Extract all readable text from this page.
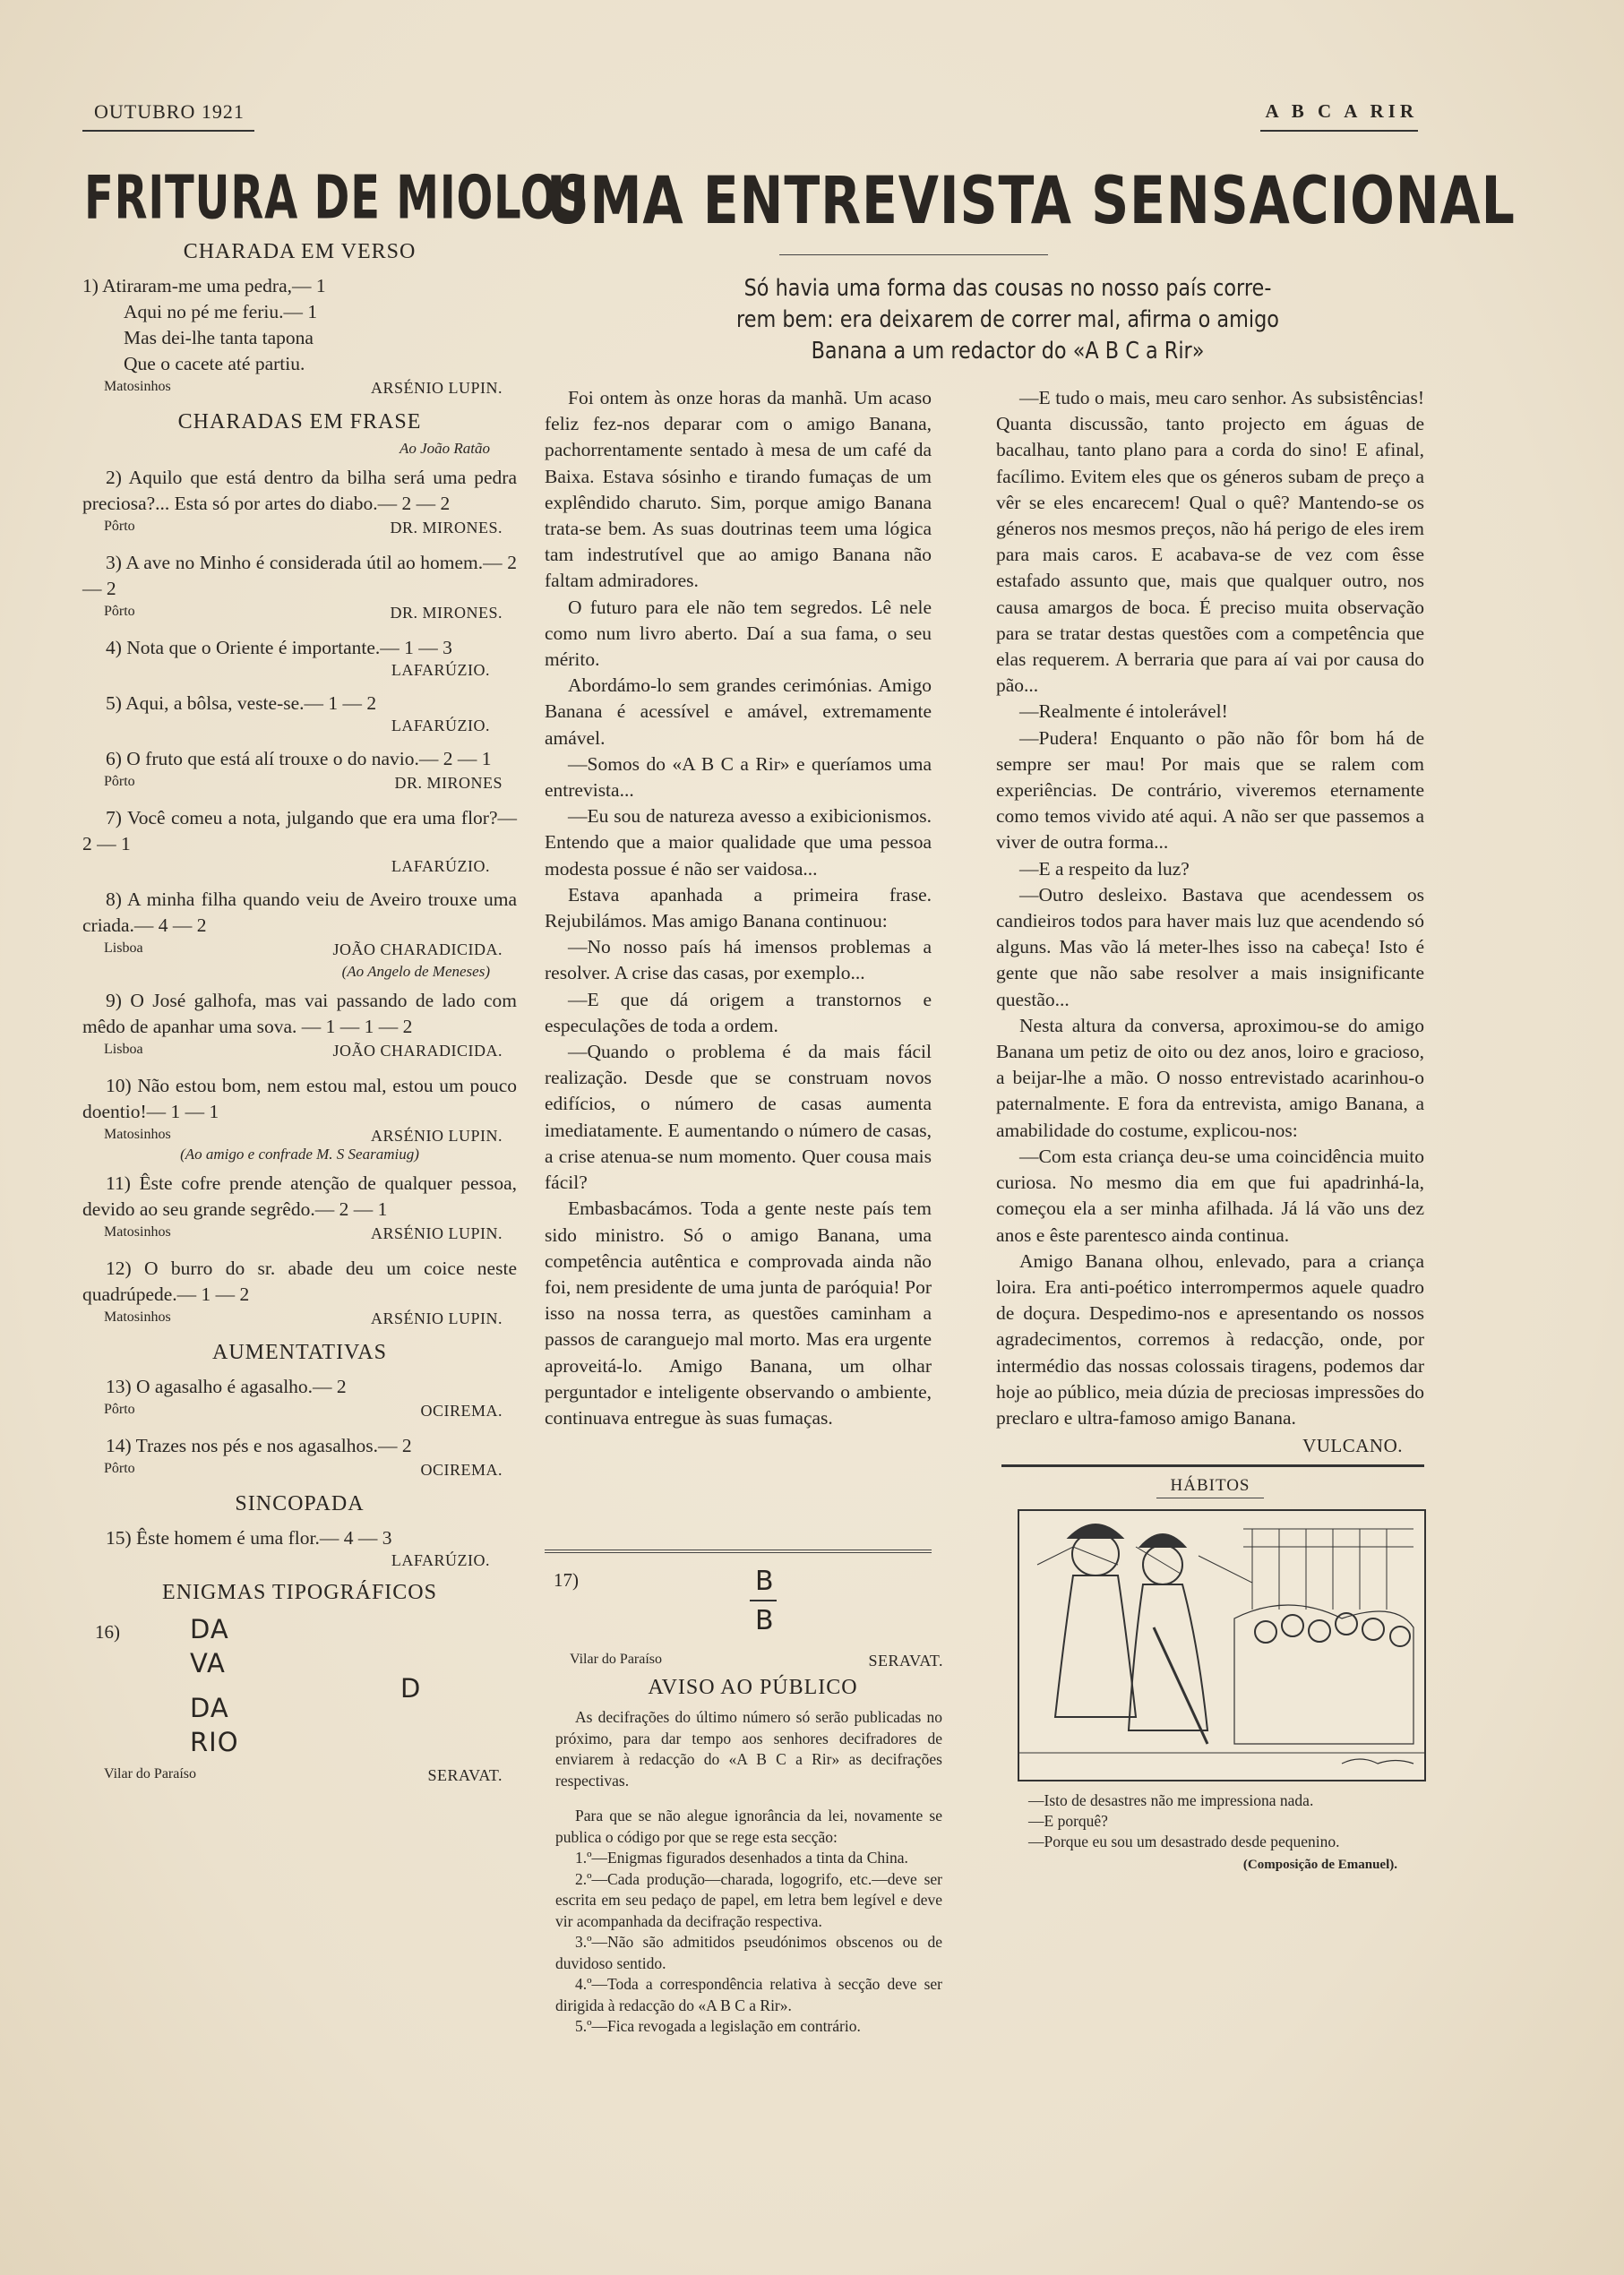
OUTUBRO 1921	A B C A RIR
FRITURA DE MIOLOS
UMA ENTREVISTA SENSACIONAL
Só havia uma forma das cousas no nosso país corre-
rem bem: era deixarem de correr mal, afirma o amigo
Banana a um redactor do «A B C a Rir»
CHARADA EM VERSO
1) Atiraram-me uma pedra,— 1
Aqui no pé me feriu.— 1
Mas dei-lhe tanta tapona
Que o cacete até partiu.
Matosinhos	ARSÉNIO LUPIN.
CHARADAS EM FRASE
Ao João Ratão

2) Aquilo que está dentro da bilha será uma pedra preciosa?... Esta só por artes do diabo.— 2 — 2

Pôrto	DR. MIRONES.

3) A ave no Minho é considerada útil ao homem.— 2 — 2

Pôrto	DR. MIRONES.

4) Nota que o Oriente é importante.— 1 — 3

LAFARÚZIO.

5) Aqui, a bôlsa, veste-se.— 1 — 2

LAFARÚZIO.

6) O fruto que está alí trouxe o do navio.— 2 — 1

Pôrto	DR. MIRONES

7) Você comeu a nota, julgando que era uma flor?— 2 — 1

LAFARÚZIO.

8) A minha filha quando veiu de Aveiro trouxe uma criada.— 4 — 2

Lisboa	JOÃO CHARADICIDA.
(Ao Angelo de Meneses)

9) O José galhofa, mas vai passando de lado com mêdo de apanhar uma sova. — 1 — 1 — 2

Lisboa	JOÃO CHARADICIDA.

10) Não estou bom, nem estou mal, estou um pouco doentio!— 1 — 1

Matosinhos	ARSÉNIO LUPIN.
(Ao amigo e confrade M. S Searamiug)

11) Êste cofre prende atenção de qualquer pessoa, devido ao seu grande segrêdo.— 2 — 1

Matosinhos	ARSÉNIO LUPIN.

12) O burro do sr. abade deu um coice neste quadrúpede.— 1 — 2

Matosinhos	ARSÉNIO LUPIN.
AUMENTATIVAS

13) O agasalho é agasalho.— 2

Pôrto	OCIREMA.

14) Trazes nos pés e nos agasalhos.— 2

Pôrto	OCIREMA.
SINCOPADA

15) Êste homem é uma flor.— 4 — 3

LAFARÚZIO.
ENIGMAS TIPOGRÁFICOS
16)	DA
VA
DA
RIO
D
Vilar do Paraíso	SERAVAT.

Foi ontem às onze horas da manhã. Um acaso feliz fez-nos deparar com o amigo Banana, pachorrentamente sentado à mesa de um café da Baixa. Estava sósinho e tirando fumaças de um explêndido charuto. Sim, porque amigo Banana trata-se bem. As suas doutrinas teem uma lógica tam indestrutível que ao amigo Banana não faltam admiradores.

O futuro para ele não tem segredos. Lê nele como num livro aberto. Daí a sua fama, o seu mérito.

Abordámo-lo sem grandes cerimónias. Amigo Banana é acessível e amável, extremamente amável.

—Somos do «A B C a Rir» e queríamos uma entrevista...

—Eu sou de natureza avesso a exibicionismos. Entendo que a maior qualidade que uma pessoa modesta possue é não ser vaidosa...

Estava apanhada a primeira frase. Rejubilámos. Mas amigo Banana continuou:

—No nosso país há imensos problemas a resolver. A crise das casas, por exemplo...

—E que dá origem a transtornos e especulações de toda a ordem.

—Quando o problema é da mais fácil realização. Desde que se construam novos edifícios, o número de casas aumenta imediatamente. E aumentando o número de casas, a crise atenua-se num momento. Quer cousa mais fácil?

Embasbacámos. Toda a gente neste país tem sido ministro. Só o amigo Banana, uma competência autêntica e comprovada ainda não foi, nem presidente de uma junta de paróquia! Por isso na nossa terra, as questões caminham a passos de caranguejo mal morto. Mas era urgente aproveitá-lo. Amigo Banana, um olhar perguntador e inteligente observando o ambiente, continuava entregue às suas fumaças.

17)	B
B
Vilar do Paraíso	SERAVAT.
AVISO AO PÚBLICO

As decifrações do último número só serão publicadas no próximo, para dar tempo aos senhores decifradores de enviarem à redacção do «A B C a Rir» as decifrações respectivas.

Para que se não alegue ignorância da lei, novamente se publica o código por que se rege esta secção:

1.º—Enigmas figurados desenhados a tinta da China.

2.º—Cada produção—charada, logogrifo, etc.—deve ser escrita em seu pedaço de papel, em letra bem legível e deve vir acompanhada da decifração respectiva.

3.º—Não são admitidos pseudónimos obscenos ou de duvidoso sentido.

4.º—Toda a correspondência relativa à secção deve ser dirigida à redacção do «A B C a Rir».

5.º—Fica revogada a legislação em contrário.

—E tudo o mais, meu caro senhor. As subsistências! Quanta discussão, tanto projecto em águas de bacalhau, tanto plano para a corda do sino! E afinal, facílimo. Evitem eles que os géneros subam de preço a vêr se eles encarecem! Qual o quê? Mantendo-se os géneros nos mesmos preços, não há perigo de eles irem para mais caros. E acabava-se de vez com êsse estafado assunto que, mais que qualquer outro, nos causa amargos de boca. É preciso muita observação para se tratar destas questões com a competência que elas requerem. A berraria que para aí vai por causa do pão...

—Realmente é intolerável!

—Pudera! Enquanto o pão não fôr bom há de sempre ser mau! Por mais que se ralem com experiências. De contrário, viveremos eternamente como temos vivido até aqui. A não ser que passemos a viver de outra forma...

—E a respeito da luz?

—Outro desleixo. Bastava que acendessem os candieiros todos para haver mais luz que acendendo só alguns. Mas vão lá meter-lhes isso na cabeça! Isto é gente que não sabe resolver a mais insignificante questão...

Nesta altura da conversa, aproximou-se do amigo Banana um petiz de oito ou dez anos, loiro e gracioso, a beijar-lhe a mão. O nosso entrevistado acarinhou-o paternalmente. E fora da entrevista, amigo Banana, a amabilidade do costume, explicou-nos:

—Com esta criança deu-se uma coincidência muito curiosa. No mesmo dia em que fui apadrinhá-la, começou ela a ser minha afilhada. Já lá vão uns dez anos e êste parentesco ainda continua.

Amigo Banana olhou, enlevado, para a criança loira. Era anti-poético interrompermos aquele quadro de doçura. Despedimo-nos e apresentando os nossos agradecimentos, corremos à redacção, onde, por intermédio das nossas colossais tiragens, podemos dar hoje ao público, meia dúzia de preciosas impressões do preclaro e ultra-famoso amigo Banana.

VULCANO.
HÁBITOS
—Isto de desastres não me impressiona nada.
—E porquê?
—Porque eu sou um desastrado desde pequenino.
(Composição de Emanuel).
